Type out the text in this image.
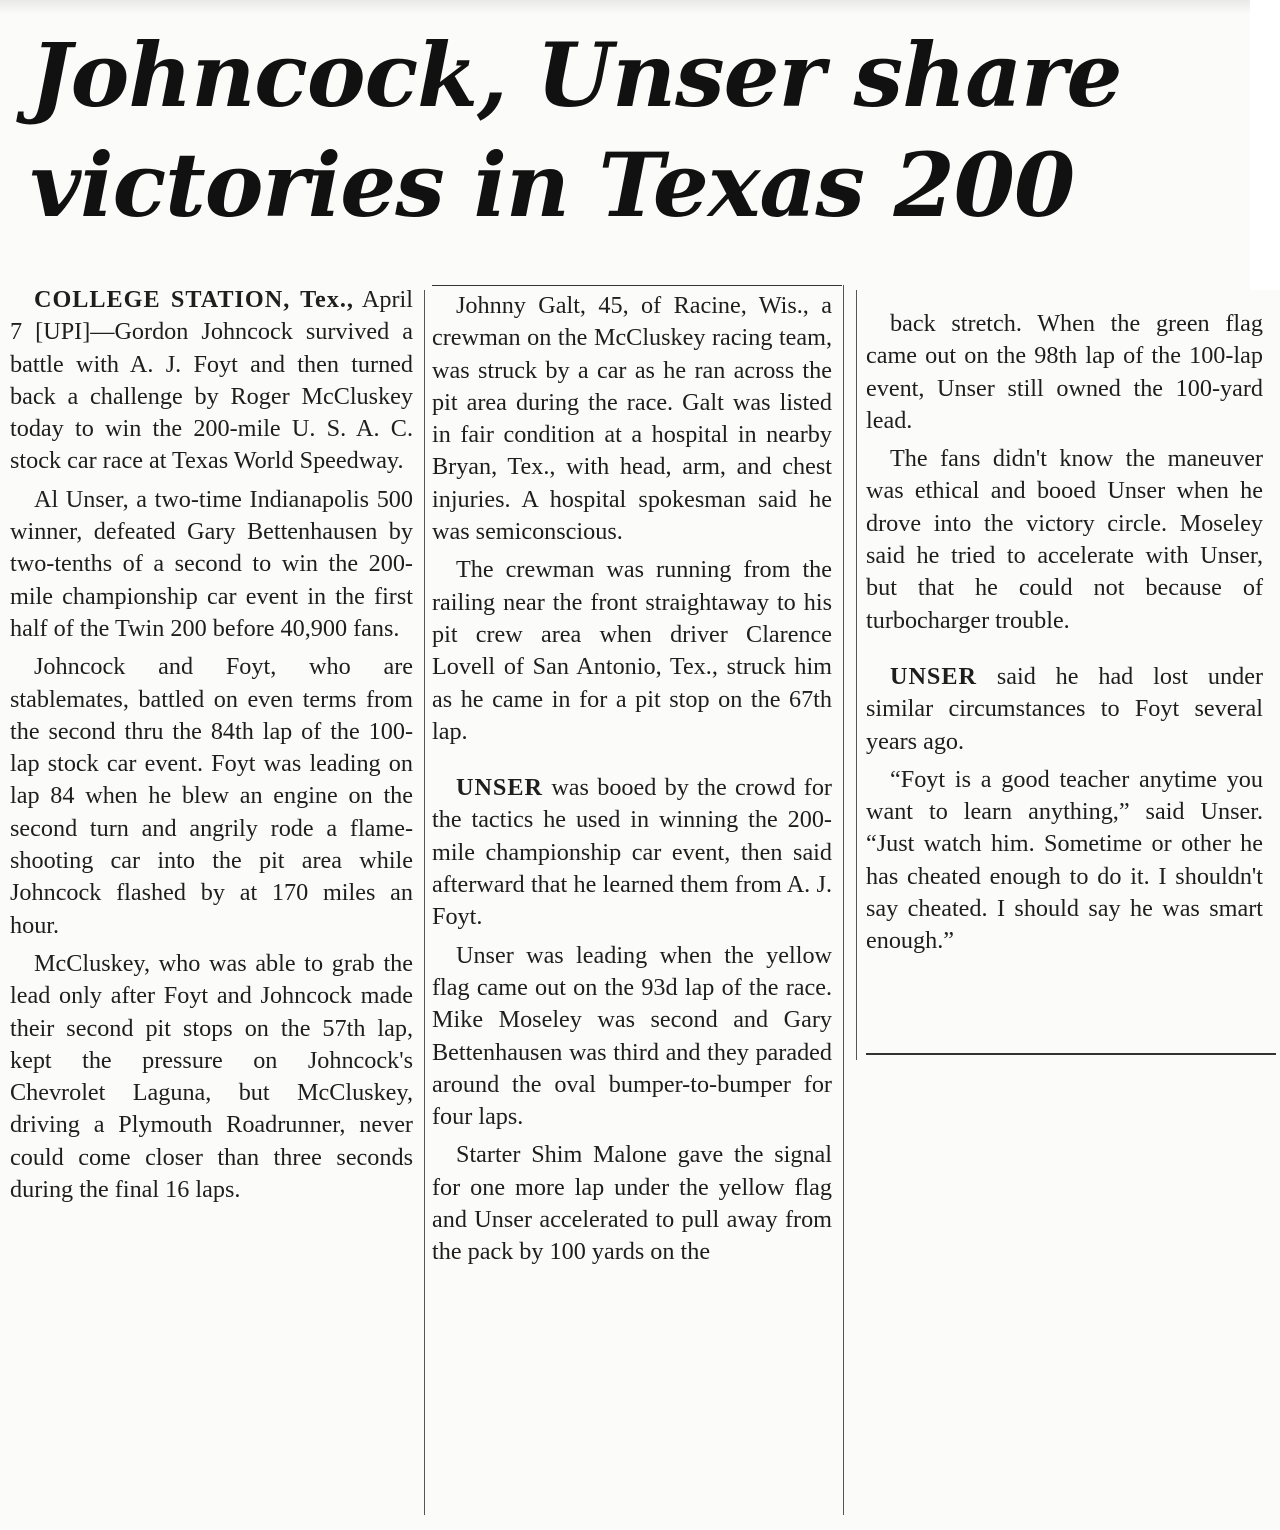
Johncock, Unser share victories in Texas 200

COLLEGE STATION, Tex., April 7 [UPI]—Gordon Johncock survived a battle with A. J. Foyt and then turned back a challenge by Roger McCluskey today to win the 200-mile U. S. A. C. stock car race at Texas World Speedway.

Al Unser, a two-time Indianapolis 500 winner, defeated Gary Bettenhausen by two-tenths of a second to win the 200-mile championship car event in the first half of the Twin 200 before 40,900 fans.

Johncock and Foyt, who are stablemates, battled on even terms from the second thru the 84th lap of the 100-lap stock car event. Foyt was leading on lap 84 when he blew an engine on the second turn and angrily rode a flame-shooting car into the pit area while Johncock flashed by at 170 miles an hour.

McCluskey, who was able to grab the lead only after Foyt and Johncock made their second pit stops on the 57th lap, kept the pressure on Johncock's Chevrolet Laguna, but McCluskey, driving a Plymouth Roadrunner, never could come closer than three seconds during the final 16 laps.

Johnny Galt, 45, of Racine, Wis., a crewman on the McCluskey racing team, was struck by a car as he ran across the pit area during the race. Galt was listed in fair condition at a hospital in nearby Bryan, Tex., with head, arm, and chest injuries. A hospital spokesman said he was semiconscious.

The crewman was running from the railing near the front straightaway to his pit crew area when driver Clarence Lovell of San Antonio, Tex., struck him as he came in for a pit stop on the 67th lap.

UNSER was booed by the crowd for the tactics he used in winning the 200-mile championship car event, then said afterward that he learned them from A. J. Foyt.

Unser was leading when the yellow flag came out on the 93d lap of the race. Mike Moseley was second and Gary Bettenhausen was third and they paraded around the oval bumper-to-bumper for four laps.

Starter Shim Malone gave the signal for one more lap under the yellow flag and Unser accelerated to pull away from the pack by 100 yards on the

back stretch. When the green flag came out on the 98th lap of the 100-lap event, Unser still owned the 100-yard lead.

The fans didn't know the maneuver was ethical and booed Unser when he drove into the victory circle. Moseley said he tried to accelerate with Unser, but that he could not because of turbocharger trouble.

UNSER said he had lost under similar circumstances to Foyt several years ago.

“Foyt is a good teacher anytime you want to learn anything,” said Unser. “Just watch him. Sometime or other he has cheated enough to do it. I shouldn't say cheated. I should say he was smart enough.”
